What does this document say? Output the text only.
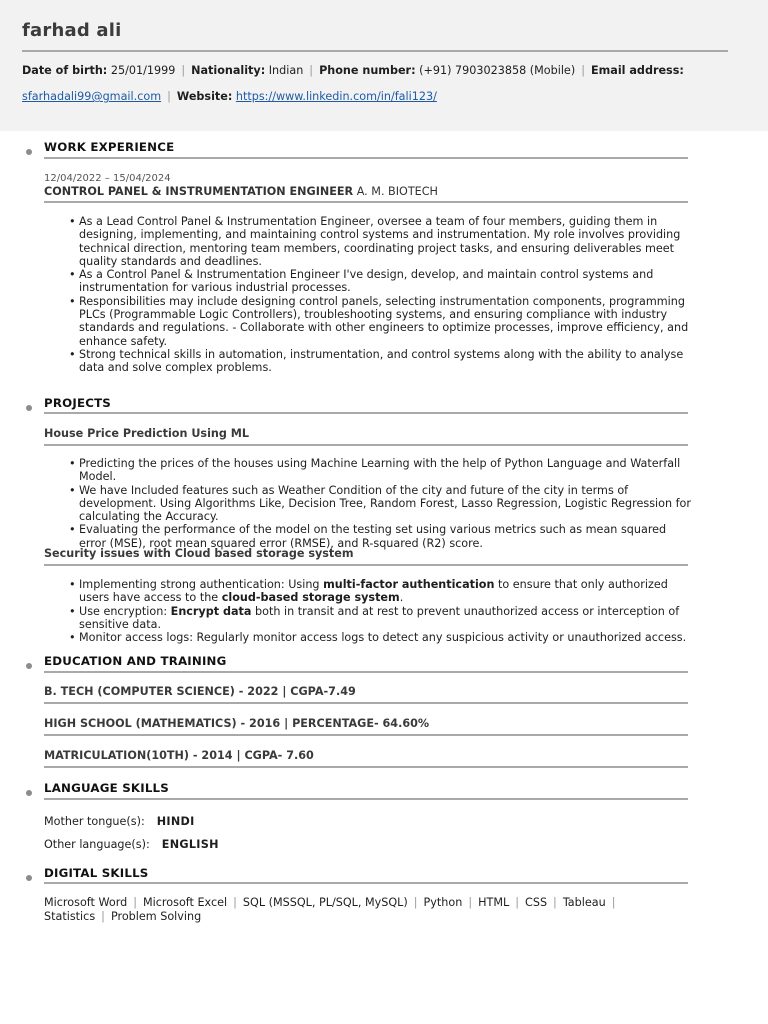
farhad ali
Date of birth: 25/01/1999 | Nationality: Indian | Phone number: (+91) 7903023858 (Mobile) | Email address:
sfarhadali99@gmail.com | Website: https://www.linkedin.com/in/fali123/
WORK EXPERIENCE
12/04/2022 – 15/04/2024
CONTROL PANEL & INSTRUMENTATION ENGINEER A. M. BIOTECH
• As a Lead Control Panel & Instrumentation Engineer, oversee a team of four members, guiding them in designing, implementing, and maintaining control systems and instrumentation. My role involves providing technical direction, mentoring team members, coordinating project tasks, and ensuring deliverables meet quality standards and deadlines.
• As a Control Panel & Instrumentation Engineer I've design, develop, and maintain control systems and instrumentation for various industrial processes.
• Responsibilities may include designing control panels, selecting instrumentation components, programming PLCs (Programmable Logic Controllers), troubleshooting systems, and ensuring compliance with industry standards and regulations. - Collaborate with other engineers to optimize processes, improve efficiency, and enhance safety.
• Strong technical skills in automation, instrumentation, and control systems along with the ability to analyse data and solve complex problems.
PROJECTS
House Price Prediction Using ML
• Predicting the prices of the houses using Machine Learning with the help of Python Language and Waterfall Model.
• We have Included features such as Weather Condition of the city and future of the city in terms of development. Using Algorithms Like, Decision Tree, Random Forest, Lasso Regression, Logistic Regression for calculating the Accuracy.
• Evaluating the performance of the model on the testing set using various metrics such as mean squared error (MSE), root mean squared error (RMSE), and R-squared (R2) score.
Security issues with Cloud based storage system
• Implementing strong authentication: Using multi-factor authentication to ensure that only authorized users have access to the cloud-based storage system.
• Use encryption: Encrypt data both in transit and at rest to prevent unauthorized access or interception of sensitive data.
• Monitor access logs: Regularly monitor access logs to detect any suspicious activity or unauthorized access.
EDUCATION AND TRAINING
B. TECH (COMPUTER SCIENCE) - 2022 | CGPA-7.49
HIGH SCHOOL (MATHEMATICS) - 2016 | PERCENTAGE- 64.60%
MATRICULATION(10TH) - 2014 | CGPA- 7.60
LANGUAGE SKILLS
Mother tongue(s): HINDI
Other language(s): ENGLISH
DIGITAL SKILLS
Microsoft Word | Microsoft Excel | SQL (MSSQL, PL/SQL, MySQL) | Python | HTML | CSS | Tableau |
Statistics | Problem Solving
